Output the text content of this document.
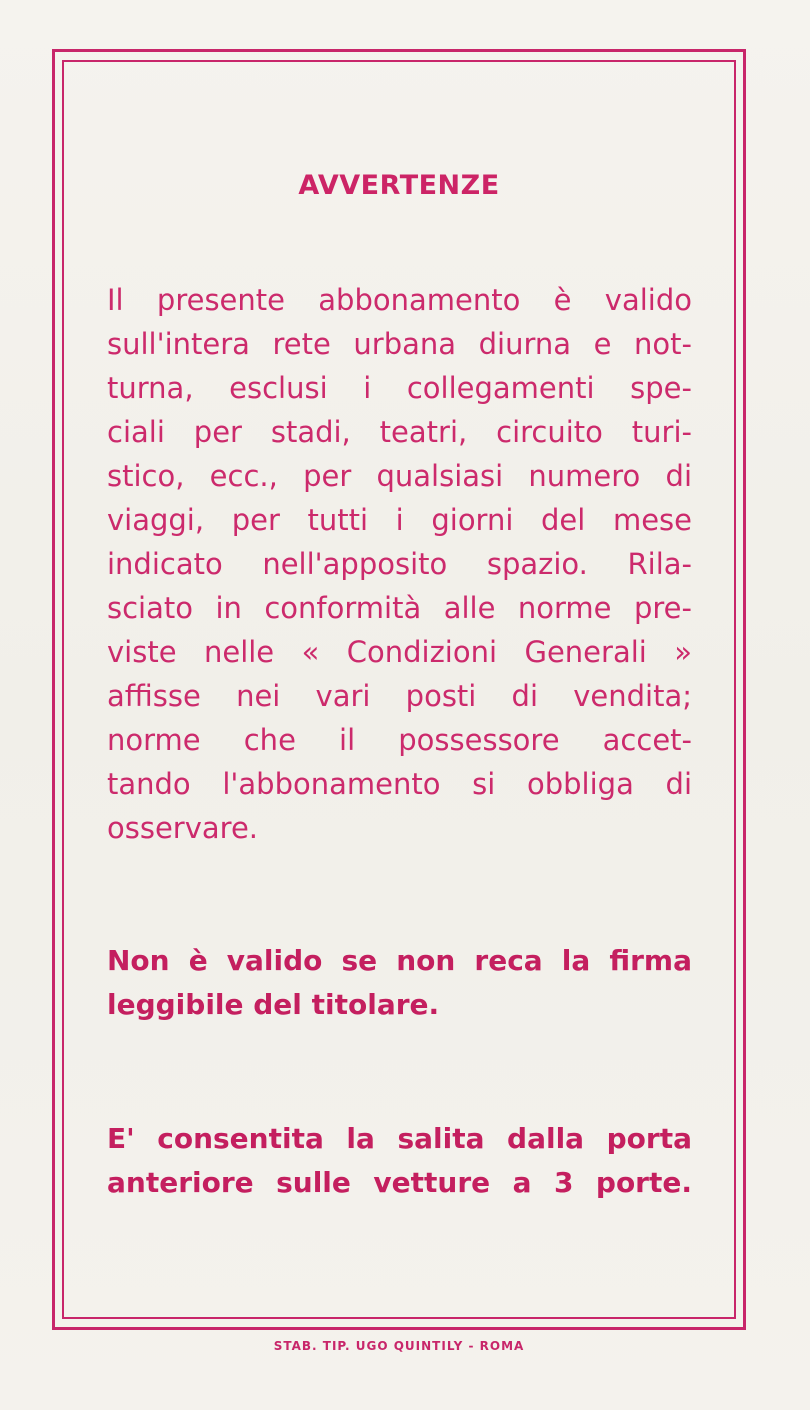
AVVERTENZE

Il presente abbonamento è valido

sull'intera rete urbana diurna e not-

turna, esclusi i collegamenti spe-

ciali per stadi, teatri, circuito turi-

stico, ecc., per qualsiasi numero di

viaggi, per tutti i giorni del mese

indicato nell'apposito spazio. Rila-

sciato in conformità alle norme pre-

viste nelle « Condizioni Generali »

affisse nei vari posti di vendita;

norme che il possessore accet-

tando l'abbonamento si obbliga di

osservare.

Non è valido se non reca la firma

leggibile del titolare.

E' consentita la salita dalla porta

anteriore sulle vetture a 3 porte.

STAB. TIP. UGO QUINTILY - ROMA
